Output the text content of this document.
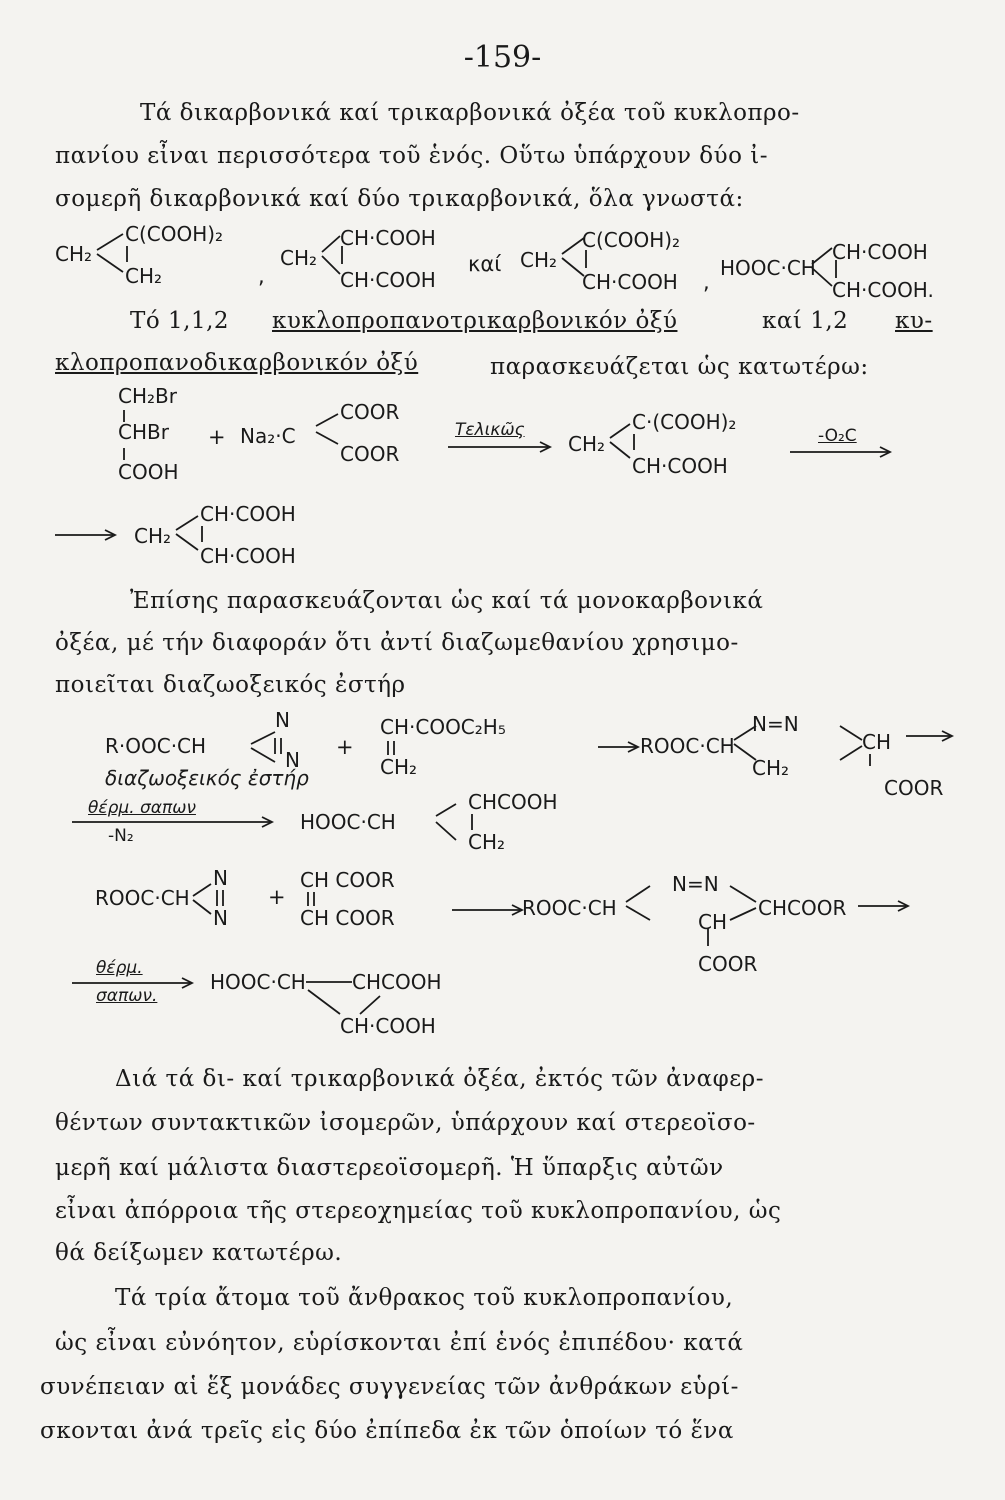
-159-
Τά δικαρβονικά καί τρικαρβονικά ὀξέα τοῦ κυκλοπρο-
πανίου εἶναι περισσότερα τοῦ ἑνός. Οὕτω ὑπάρχουν δύο ἰ-
σομερῆ δικαρβονικά καί δύο τρικαρβονικά, ὅλα γνωστά:
CH₂
C(COOH)₂
CH₂	,
CH₂
CH·COOH
CH·COOH
καί CH₂
C(COOH)₂
CH·COOH ,
HOOC·CH
CH·COOH
CH·COOH.
Τό 1,1,2 κυκλοπροπανοτρικαρβονικόν ὀξύ	καί 1,2 κυ-
κλοπροπανοδικαρβονικόν ὀξύ	παρασκευάζεται ὡς κατωτέρω:
CH₂Br
CHBr
COOH
+ Na₂·C
COOR
COOR
Τελικῶς
CH₂
C·(COOH)₂
CH·COOH
-O₂C
CH₂
CH·COOH
CH·COOH
Ἐπίσης παρασκευάζονται ὡς καί τά μονοκαρβονικά
ὀξέα, μέ τήν διαφοράν ὅτι ἀντί διαζωμεθανίου χρησιμο-
ποιεῖται διαζωοξεικός ἐστήρ
N
R·OOC·CH
N
διαζωοξεικός ἐστήρ
+
CH·COOC₂H₅
CH₂
ROOC·CH
N=N
CH₂
CH
COOR
θέρμ. σαπων
-N₂
HOOC·CH
CHCOOH
CH₂
N
ROOC·CH
N
+
CH COOR
CH COOR	ROOC·CH
N=N
CH
COOR
CHCOOR
θέρμ.
σαπων.
HOOC·CH CHCOOH
CH·COOH
Διά τά δι- καί τρικαρβονικά ὀξέα, ἐκτός τῶν ἀναφερ-
θέντων συντακτικῶν ἰσομερῶν, ὑπάρχουν καί στερεοϊσο-
μερῆ καί μάλιστα διαστερεοϊσομερῆ. Ἡ ὕπαρξις αὐτῶν
εἶναι ἀπόρροια τῆς στερεοχημείας τοῦ κυκλοπροπανίου, ὡς
θά δείξωμεν κατωτέρω.
Τά τρία ἄτομα τοῦ ἄνθρακος τοῦ κυκλοπροπανίου,
ὡς εἶναι εὐνόητον, εὑρίσκονται ἐπί ἑνός ἐπιπέδου· κατά
συνέπειαν αἱ ἕξ μονάδες συγγενείας τῶν ἀνθράκων εὑρί-
σκονται ἀνά τρεῖς εἰς δύο ἐπίπεδα ἐκ τῶν ὁποίων τό ἕνα
